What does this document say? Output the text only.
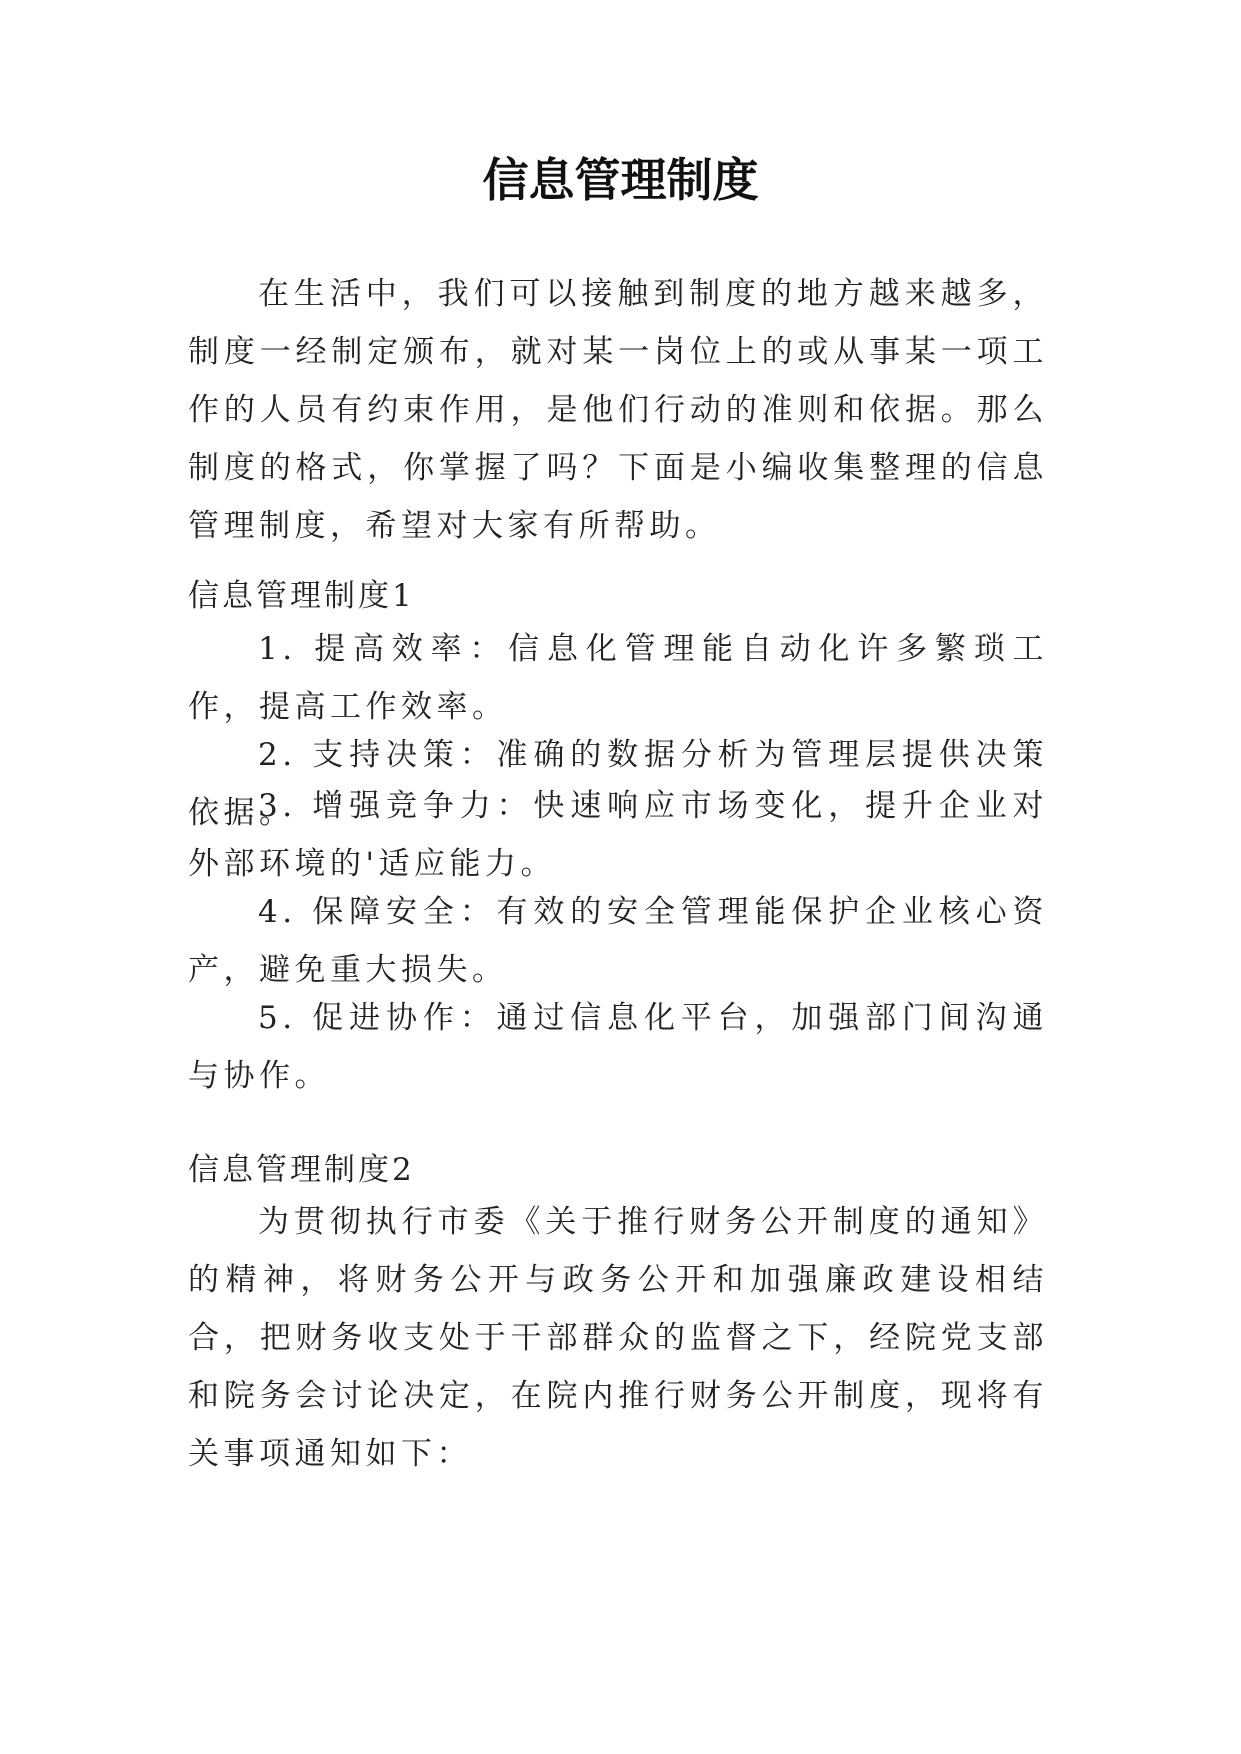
信息管理制度

在生活中，我们可以接触到制度的地方越来越多，制度一经制定颁布，就对某一岗位上的或从事某一项工作的人员有约束作用，是他们行动的准则和依据。那么制度的格式，你掌握了吗？下面是小编收集整理的信息管理制度，希望对大家有所帮助。

信息管理制度1

1. 提高效率：信息化管理能自动化许多繁琐工作，提高工作效率。

2. 支持决策：准确的数据分析为管理层提供决策依据。

3. 增强竞争力：快速响应市场变化，提升企业对外部环境的'适应能力。

4. 保障安全：有效的安全管理能保护企业核心资产，避免重大损失。

5. 促进协作：通过信息化平台，加强部门间沟通与协作。

信息管理制度2

为贯彻执行市委《关于推行财务公开制度的通知》的精神，将财务公开与政务公开和加强廉政建设相结合，把财务收支处于干部群众的监督之下，经院党支部和院务会讨论决定，在院内推行财务公开制度，现将有关事项通知如下：
